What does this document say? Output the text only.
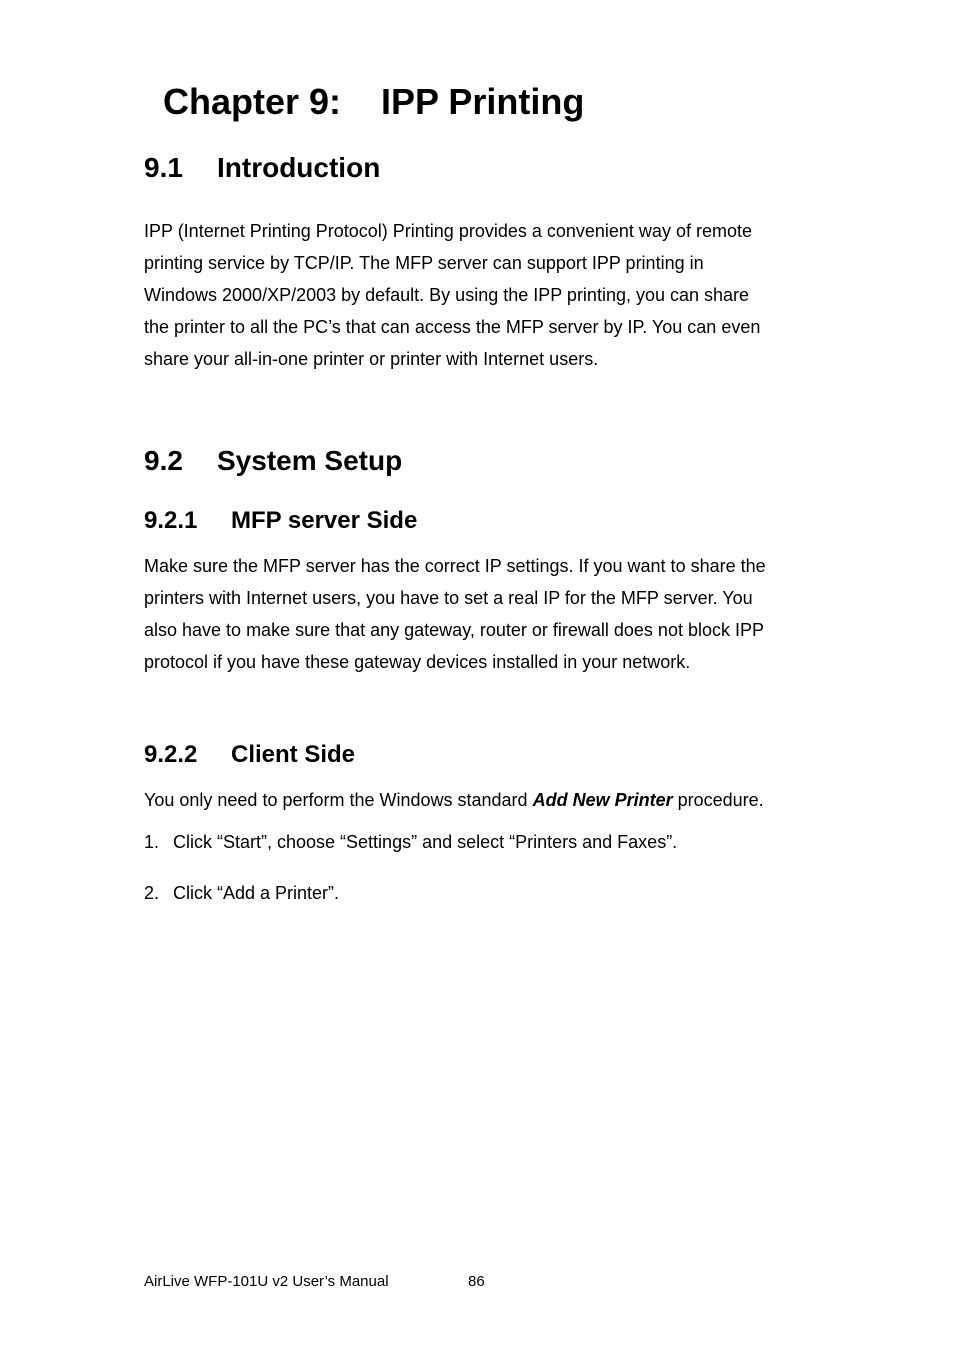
Chapter 9: IPP Printing
9.1 Introduction
IPP (Internet Printing Protocol) Printing provides a convenient way of remote
printing service by TCP/IP. The MFP server can support IPP printing in
Windows 2000/XP/2003 by default. By using the IPP printing, you can share
the printer to all the PC’s that can access the MFP server by IP. You can even
share your all-in-one printer or printer with Internet users.
9.2 System Setup
9.2.1 MFP server Side
Make sure the MFP server has the correct IP settings. If you want to share the
printers with Internet users, you have to set a real IP for the MFP server. You
also have to make sure that any gateway, router or firewall does not block IPP
protocol if you have these gateway devices installed in your network.
9.2.2 Client Side
You only need to perform the Windows standard Add New Printer procedure.
1. Click “Start”, choose “Settings” and select “Printers and Faxes”.
2. Click “Add a Printer”.
AirLive WFP-101U v2 User’s Manual	86
